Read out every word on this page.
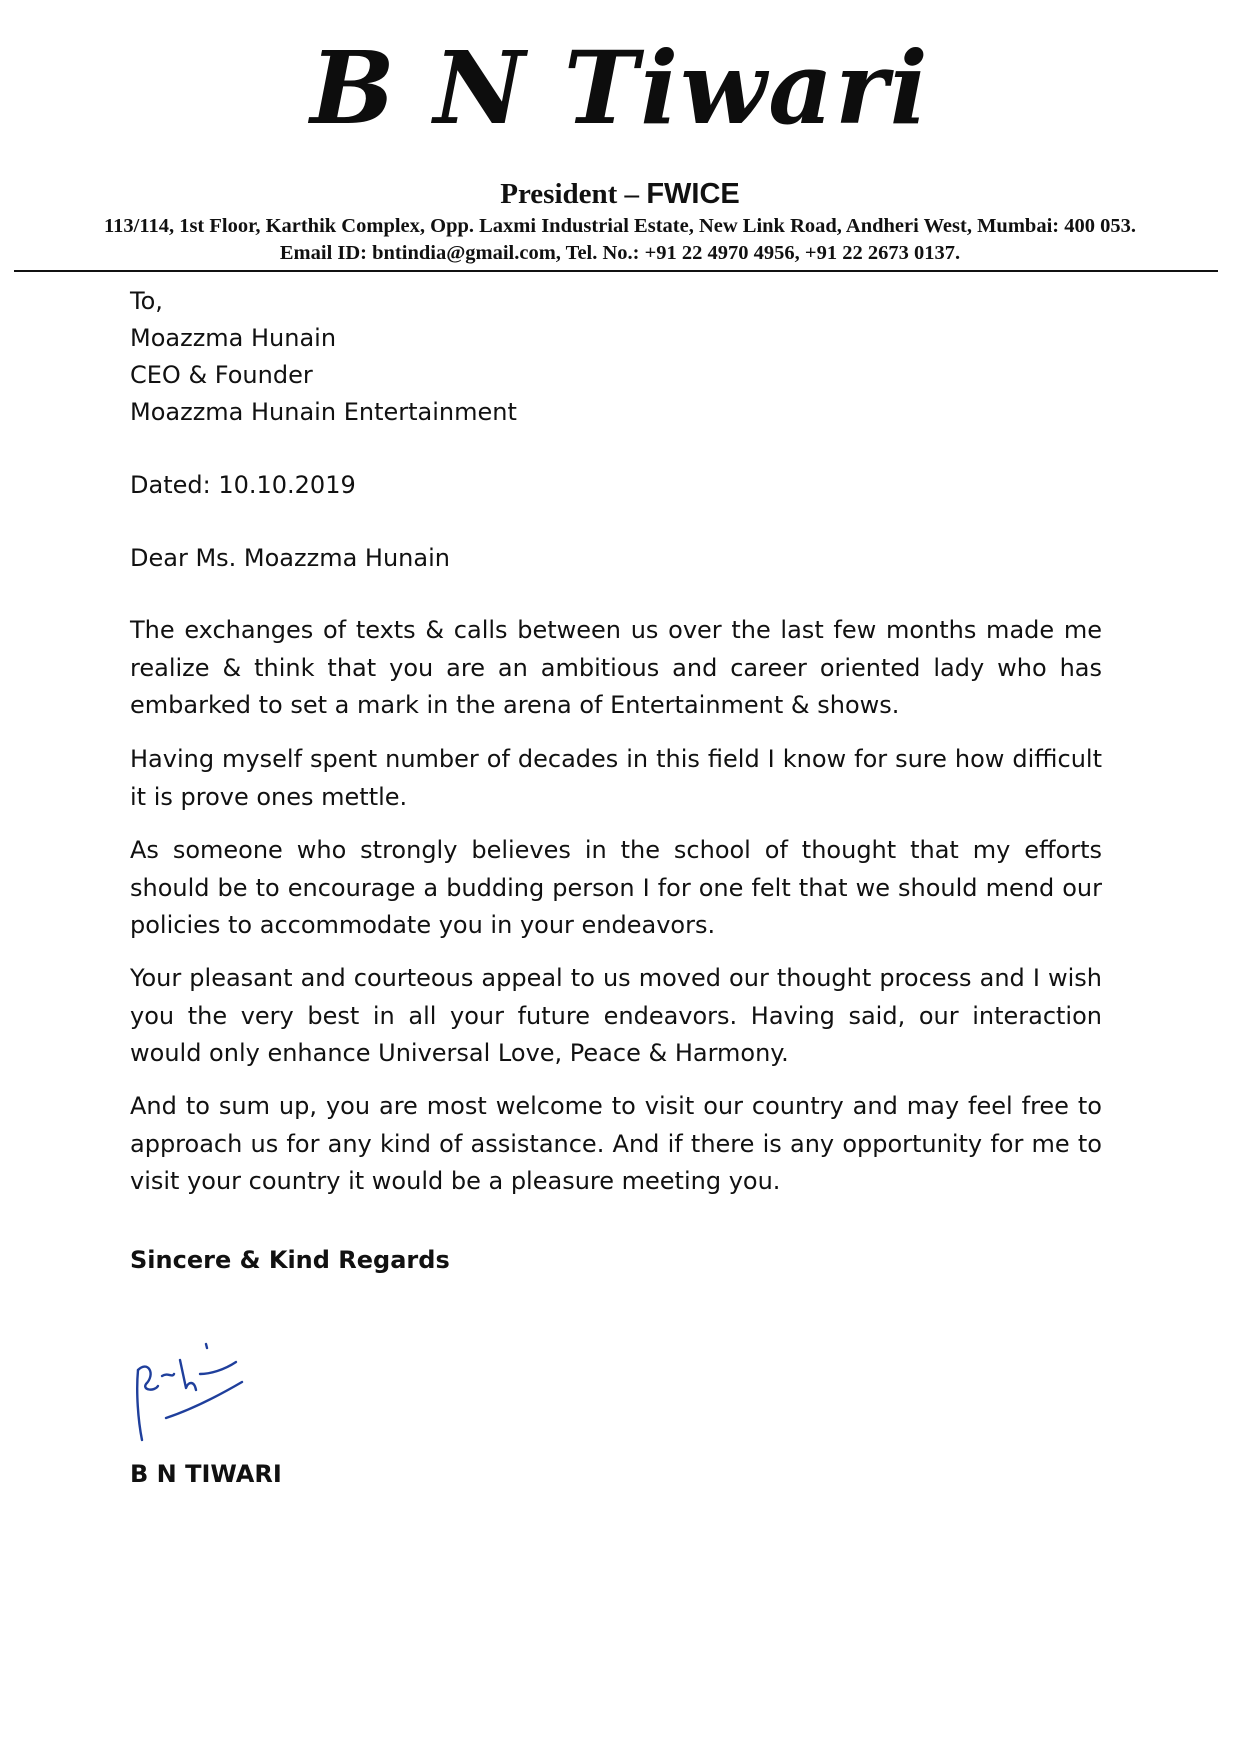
B N Tiwari
President – FWICE
113/114, 1st Floor, Karthik Complex, Opp. Laxmi Industrial Estate, New Link Road, Andheri West, Mumbai: 400 053.
Email ID: bntindia@gmail.com, Tel. No.: +91 22 4970 4956, +91 22 2673 0137.
To,
Moazzma Hunain
CEO & Founder
Moazzma Hunain Entertainment
Dated: 10.10.2019
Dear Ms. Moazzma Hunain

The exchanges of texts & calls between us over the last few months made me realize & think that you are an ambitious and career oriented lady who has embarked to set a mark in the arena of Entertainment & shows.

Having myself spent number of decades in this field I know for sure how difficult it is prove ones mettle.

As someone who strongly believes in the school of thought that my efforts should be to encourage a budding person I for one felt that we should mend our policies to accommodate you in your endeavors.

Your pleasant and courteous appeal to us moved our thought process and I wish you the very best in all your future endeavors. Having said, our interaction would only enhance Universal Love, Peace & Harmony.

And to sum up, you are most welcome to visit our country and may feel free to approach us for any kind of assistance. And if there is any opportunity for me to visit your country it would be a pleasure meeting you.

Sincere & Kind Regards
B N TIWARI
